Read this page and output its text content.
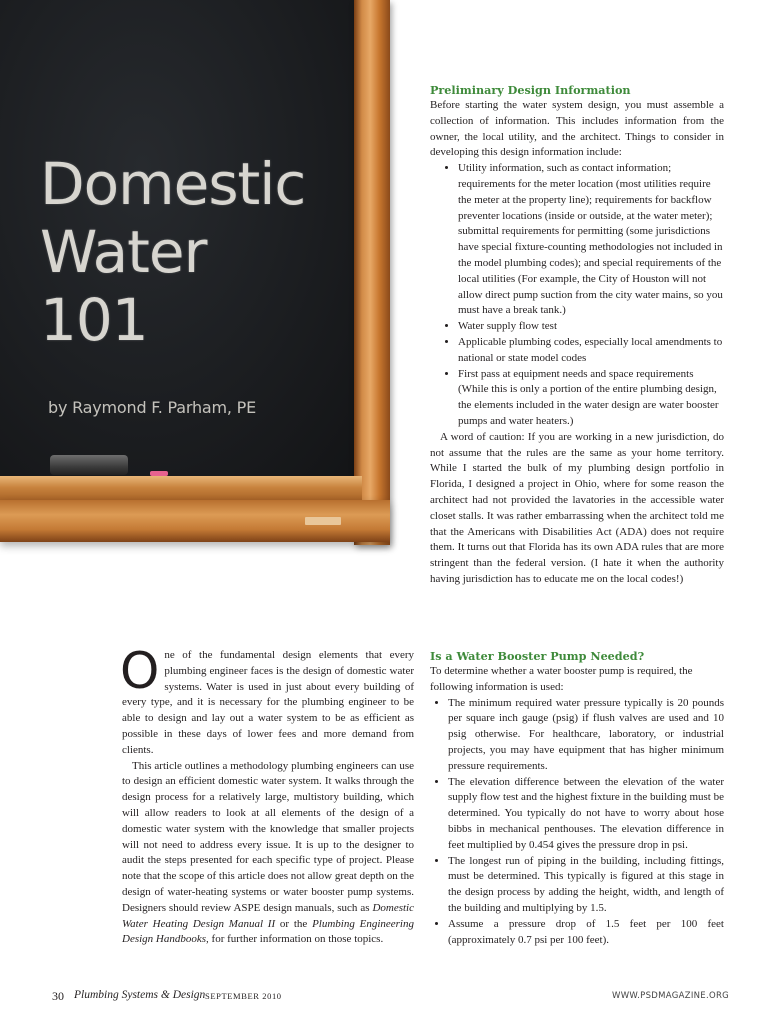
Domestic
Water
101
by Raymond F. Parham, PE
Preliminary Design Information

Before starting the water system design, you must assemble a collection of information. This includes information from the owner, the local utility, and the architect. Things to consider in developing this design information include:

• Utility information, such as contact information; requirements for the meter location (most utilities require the meter at the property line); requirements for backflow preventer locations (inside or outside, at the water meter); submittal requirements for permitting (some jurisdictions have special fixture-counting methodologies not included in the model plumbing codes); and special requirements of the local utilities (For example, the City of Houston will not allow direct pump suction from the city water mains, so you must have a break tank.)
• Water supply flow test
• Applicable plumbing codes, especially local amendments to national or state model codes
• First pass at equipment needs and space requirements (While this is only a portion of the entire plumbing design, the elements included in the water design are water booster pumps and water heaters.)

A word of caution: If you are working in a new jurisdiction, do not assume that the rules are the same as your home territory. While I started the bulk of my plumbing design portfolio in Florida, I designed a project in Ohio, where for some reason the architect had not provided the lavatories in the accessible water closet stalls. It was rather embarrassing when the architect told me that the Americans with Disabilities Act (ADA) does not require them. It turns out that Florida has its own ADA rules that are more stringent than the federal version. (I hate it when the authority having jurisdiction has to educate me on the local codes!)

One of the fundamental design elements that every plumbing engineer faces is the design of domestic water systems. Water is used in just about every building of every type, and it is necessary for the plumbing engineer to be able to design and lay out a water system to be as efficient as possible in these days of lower fees and more demand from clients.

This article outlines a methodology plumbing engineers can use to design an efficient domestic water system. It walks through the design process for a relatively large, multistory building, which will allow readers to look at all elements of the design of a domestic water system with the knowledge that smaller projects will not need to address every issue. It is up to the designer to audit the steps presented for each specific type of project. Please note that the scope of this article does not allow great depth on the design of water-heating systems or water booster pump systems. Designers should review ASPE design manuals, such as Domestic Water Heating Design Manual II or the Plumbing Engineering Design Handbooks, for further information on those topics.

Is a Water Booster Pump Needed?

To determine whether a water booster pump is required, the following information is used:

• The minimum required water pressure typically is 20 pounds per square inch gauge (psig) if flush valves are used and 10 psig otherwise. For healthcare, laboratory, or industrial projects, you may have equipment that has higher minimum pressure requirements.
• The elevation difference between the elevation of the water supply flow test and the highest fixture in the building must be determined. You typically do not have to worry about hose bibbs in mechanical penthouses. The elevation difference in feet multiplied by 0.454 gives the pressure drop in psi.
• The longest run of piping in the building, including fittings, must be determined. This typically is figured at this stage in the design process by adding the height, width, and length of the building and multiplying by 1.5.
• Assume a pressure drop of 1.5 feet per 100 feet (approximately 0.7 psi per 100 feet).
30 Plumbing Systems & Design SEPTEMBER 2010	WWW.PSDMAGAZINE.ORG
